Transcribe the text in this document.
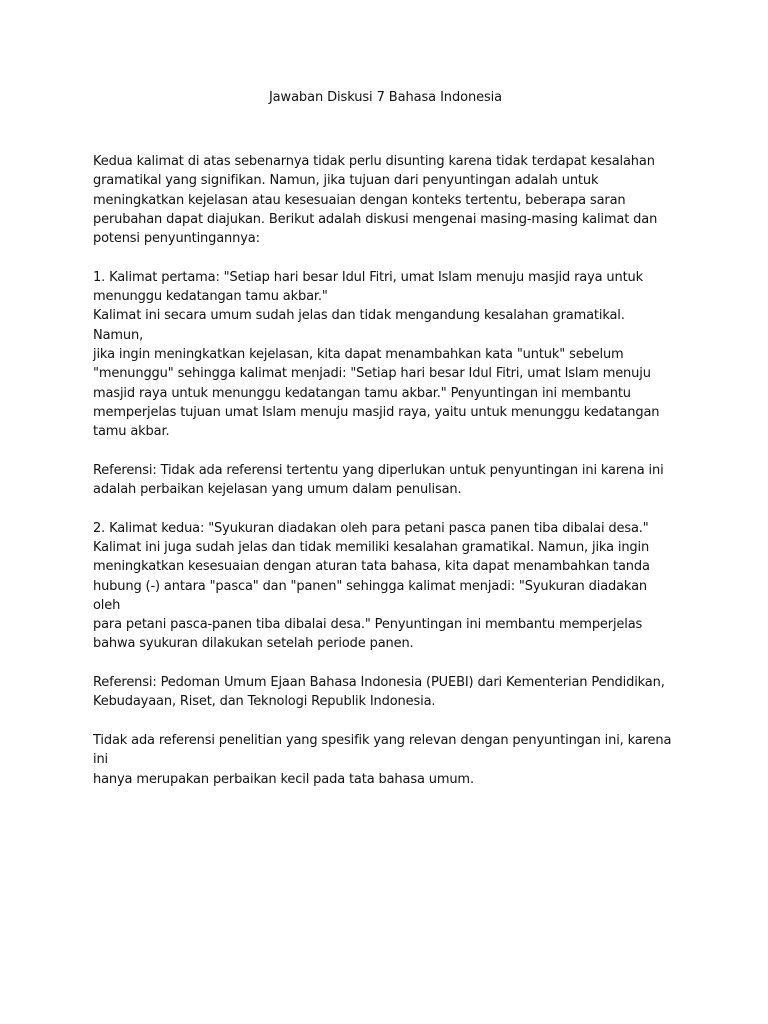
Jawaban Diskusi 7 Bahasa Indonesia
Kedua kalimat di atas sebenarnya tidak perlu disunting karena tidak terdapat kesalahan
gramatikal yang signifikan. Namun, jika tujuan dari penyuntingan adalah untuk
meningkatkan kejelasan atau kesesuaian dengan konteks tertentu, beberapa saran
perubahan dapat diajukan. Berikut adalah diskusi mengenai masing-masing kalimat dan
potensi penyuntingannya:
1. Kalimat pertama: "Setiap hari besar Idul Fitri, umat Islam menuju masjid raya untuk
menunggu kedatangan tamu akbar."
Kalimat ini secara umum sudah jelas dan tidak mengandung kesalahan gramatikal. Namun,
jika ingin meningkatkan kejelasan, kita dapat menambahkan kata "untuk" sebelum
"menunggu" sehingga kalimat menjadi: "Setiap hari besar Idul Fitri, umat Islam menuju
masjid raya untuk menunggu kedatangan tamu akbar." Penyuntingan ini membantu
memperjelas tujuan umat Islam menuju masjid raya, yaitu untuk menunggu kedatangan
tamu akbar.
Referensi: Tidak ada referensi tertentu yang diperlukan untuk penyuntingan ini karena ini
adalah perbaikan kejelasan yang umum dalam penulisan.
2. Kalimat kedua: "Syukuran diadakan oleh para petani pasca panen tiba dibalai desa."
Kalimat ini juga sudah jelas dan tidak memiliki kesalahan gramatikal. Namun, jika ingin
meningkatkan kesesuaian dengan aturan tata bahasa, kita dapat menambahkan tanda
hubung (-) antara "pasca" dan "panen" sehingga kalimat menjadi: "Syukuran diadakan oleh
para petani pasca-panen tiba dibalai desa." Penyuntingan ini membantu memperjelas
bahwa syukuran dilakukan setelah periode panen.
Referensi: Pedoman Umum Ejaan Bahasa Indonesia (PUEBI) dari Kementerian Pendidikan,
Kebudayaan, Riset, dan Teknologi Republik Indonesia.
Tidak ada referensi penelitian yang spesifik yang relevan dengan penyuntingan ini, karena ini
hanya merupakan perbaikan kecil pada tata bahasa umum.
